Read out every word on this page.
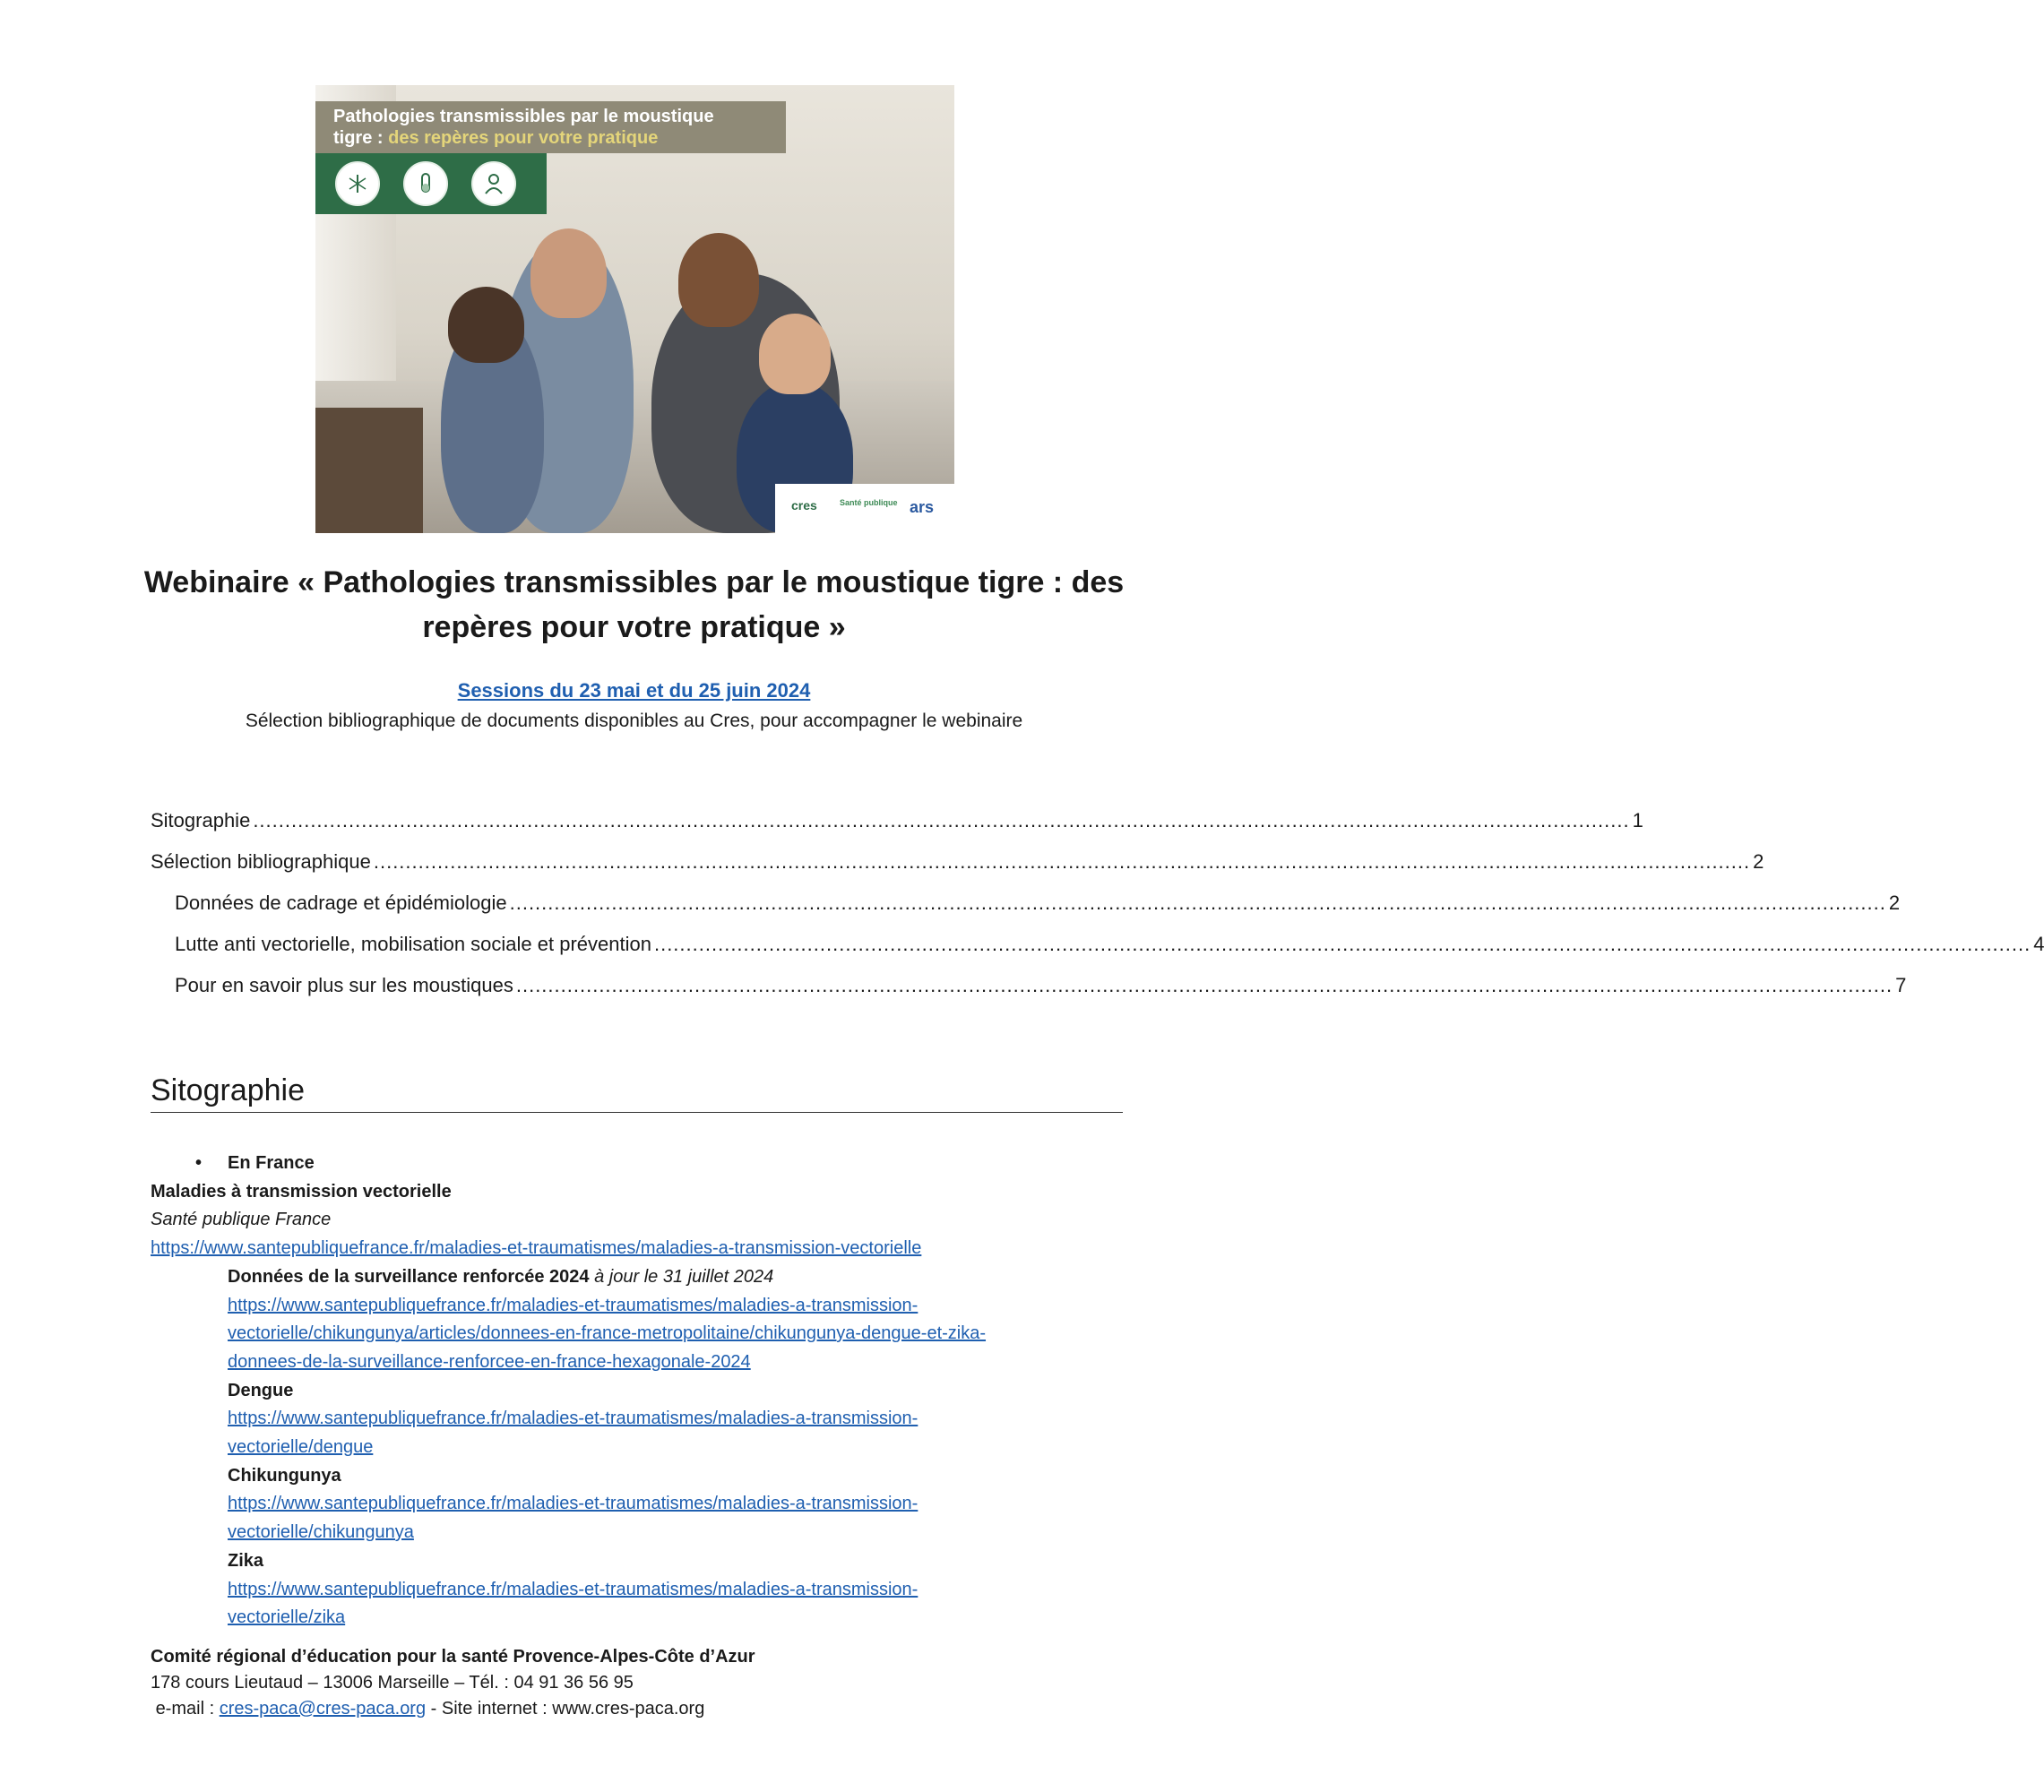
Pathologies transmissibles par le moustique
tigre : des repères pour votre pratique
cres	Santé publique ars
Webinaire « Pathologies transmissibles par le moustique tigre : des
repères pour votre pratique »
Sessions du 23 mai et du 25 juin 2024
Sélection bibliographique de documents disponibles au Cres, pour accompagner le webinaire
Sitographie ........................................................................................................................................................................................................................ 1
Sélection bibliographique ........................................................................................................................................................................................................................ 2
Données de cadrage et épidémiologie ........................................................................................................................................................................................................................ 2
Lutte anti vectorielle, mobilisation sociale et prévention ........................................................................................................................................................................................................................ 4
Pour en savoir plus sur les moustiques ........................................................................................................................................................................................................................ 7
Sitographie
• En France
Maladies à transmission vectorielle
Santé publique France
https://www.santepubliquefrance.fr/maladies-et-traumatismes/maladies-a-transmission-vectorielle
Données de la surveillance renforcée 2024 à jour le 31 juillet 2024
https://www.santepubliquefrance.fr/maladies-et-traumatismes/maladies-a-transmission-
vectorielle/chikungunya/articles/donnees-en-france-metropolitaine/chikungunya-dengue-et-zika-
donnees-de-la-surveillance-renforcee-en-france-hexagonale-2024
Dengue
https://www.santepubliquefrance.fr/maladies-et-traumatismes/maladies-a-transmission-
vectorielle/dengue
Chikungunya
https://www.santepubliquefrance.fr/maladies-et-traumatismes/maladies-a-transmission-
vectorielle/chikungunya
Zika
https://www.santepubliquefrance.fr/maladies-et-traumatismes/maladies-a-transmission-
vectorielle/zika
Comité régional d’éducation pour la santé Provence-Alpes-Côte d’Azur
178 cours Lieutaud – 13006 Marseille – Tél. : 04 91 36 56 95
e-mail : cres-paca@cres-paca.org - Site internet : www.cres-paca.org
